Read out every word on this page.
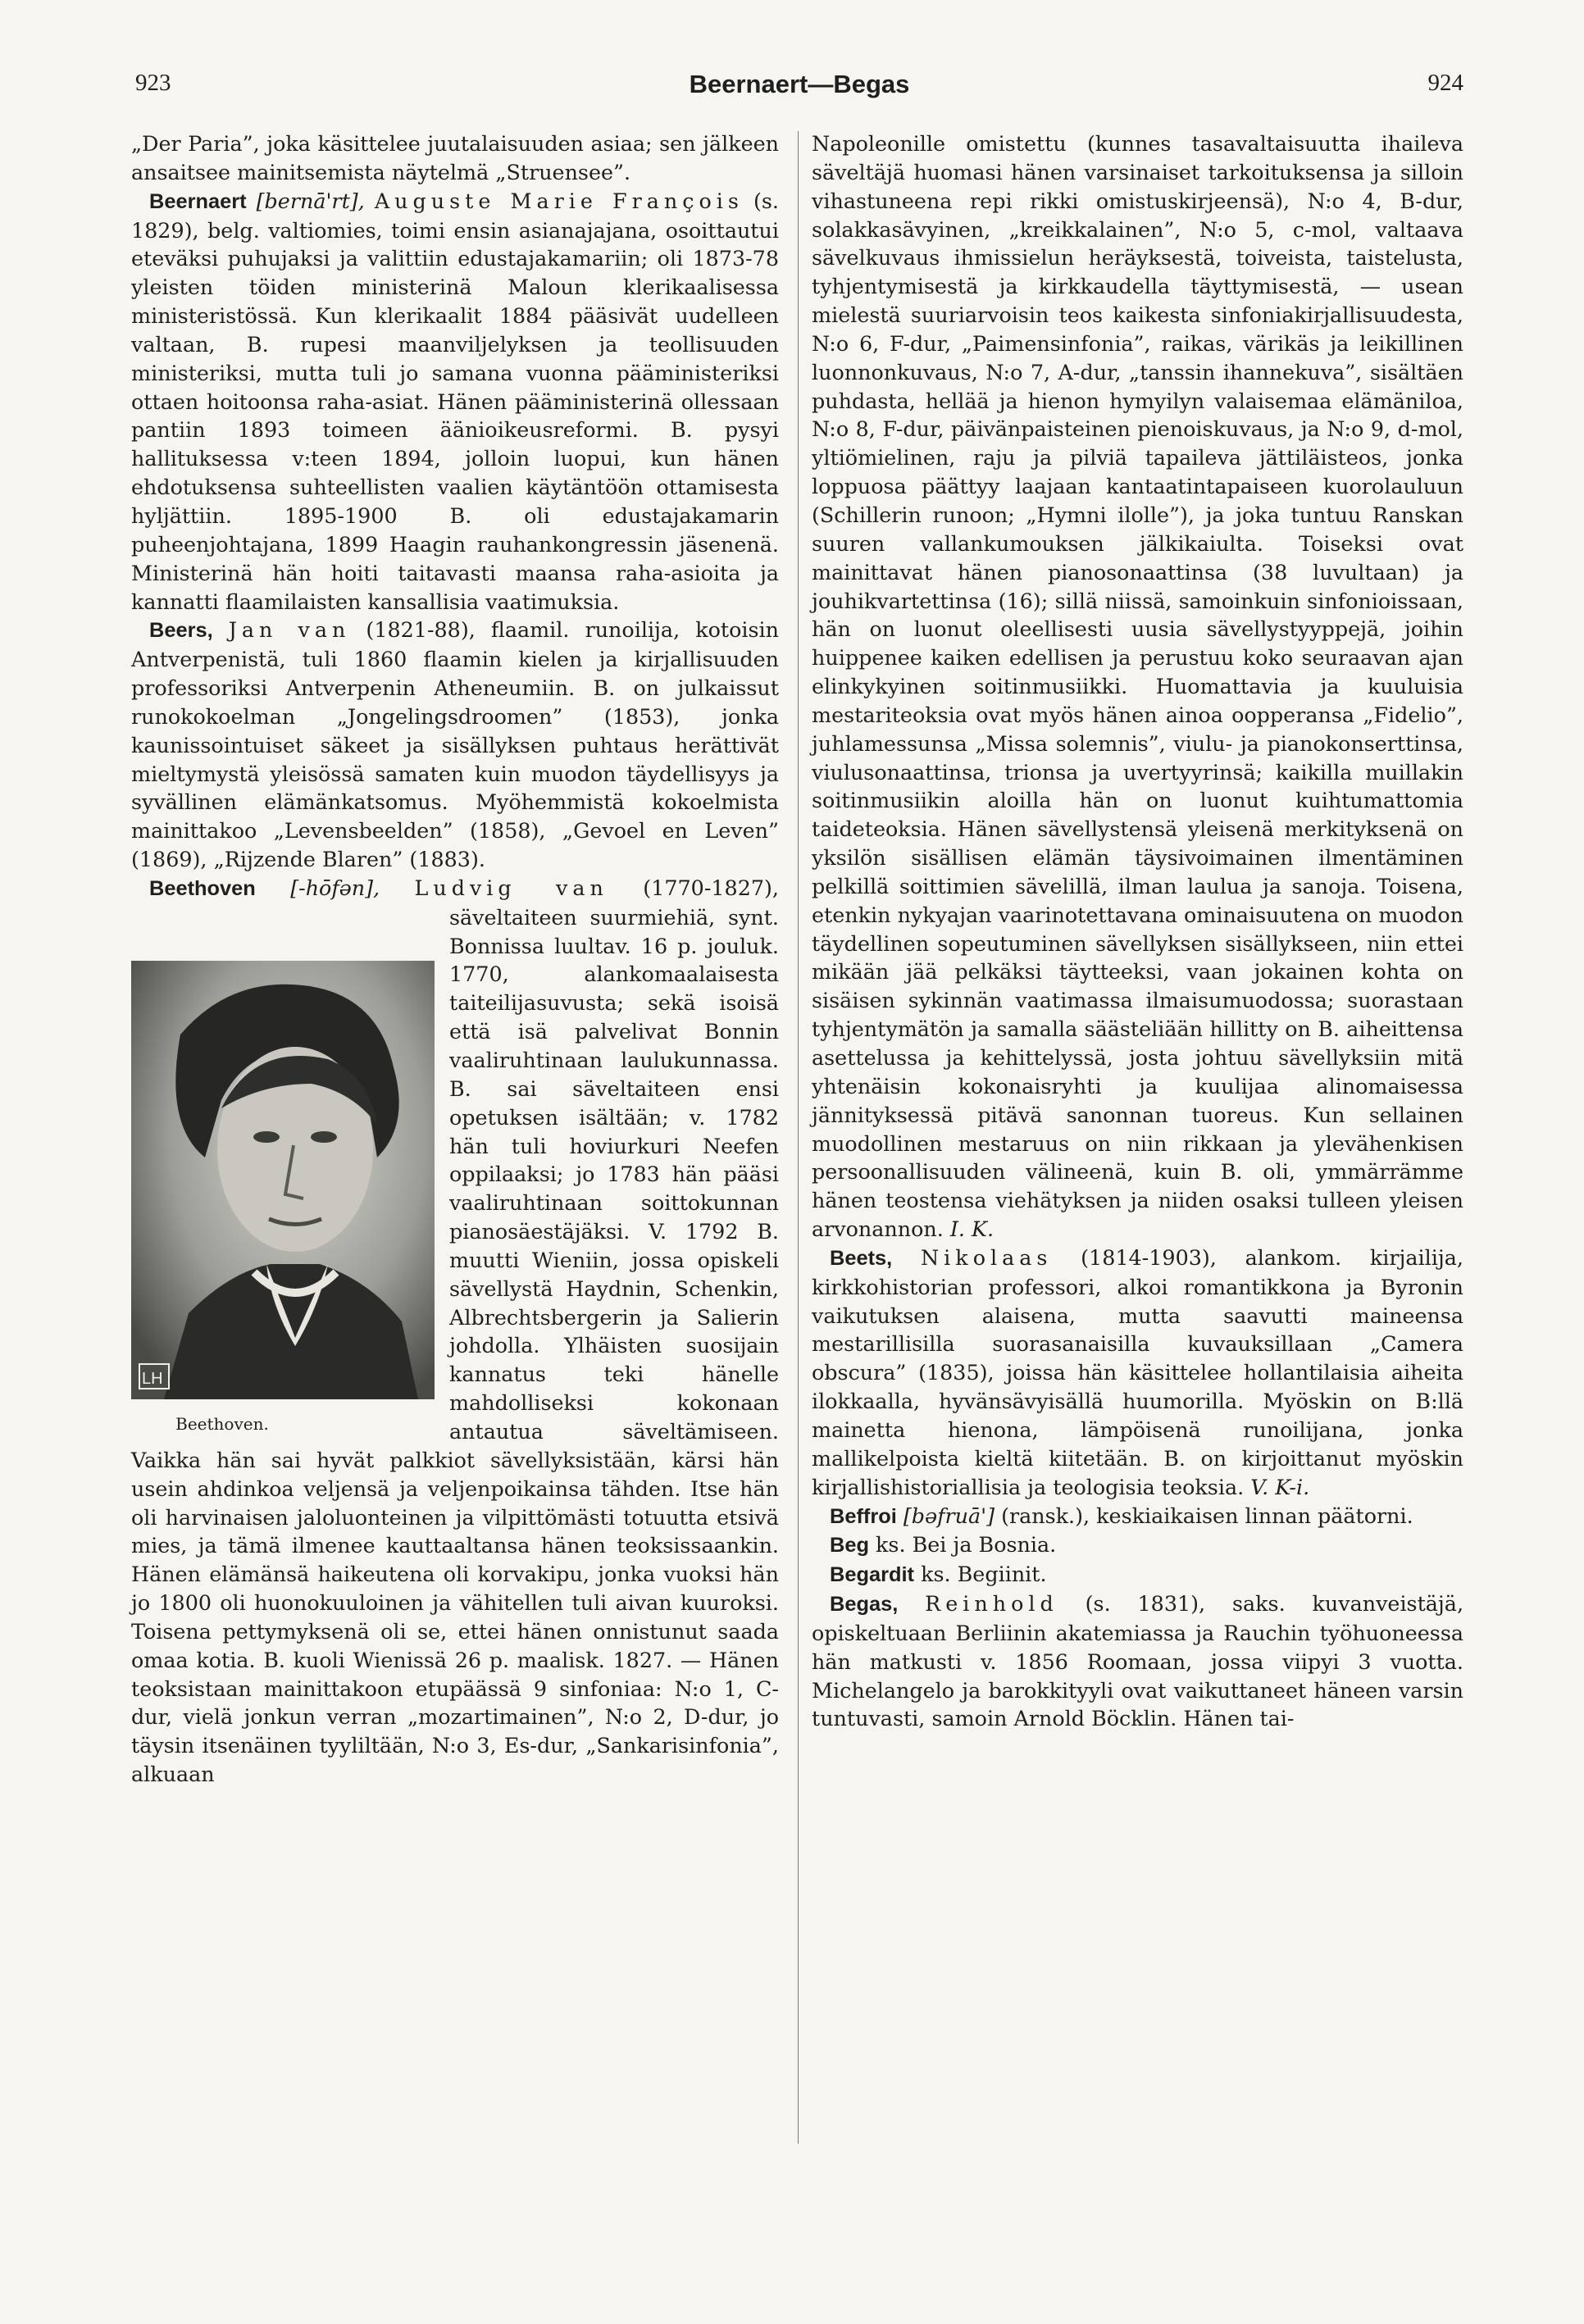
923	Beernaert—Begas	924

„Der Paria”, joka käsittelee juutalaisuuden asiaa; sen jälkeen ansaitsee mainitsemista näytelmä „Struensee”.

Beernaert [bernā'rt], Auguste Marie François (s. 1829), belg. valtiomies, toimi ensin asianajajana, osoittautui eteväksi puhujaksi ja valittiin edustajakamariin; oli 1873-78 yleisten töiden ministerinä Maloun klerikaalisessa ministeristössä. Kun klerikaalit 1884 pääsivät uudelleen valtaan, B. rupesi maanviljelyksen ja teollisuuden ministeriksi, mutta tuli jo samana vuonna pääministeriksi ottaen hoitoonsa raha-asiat. Hänen pääministerinä ollessaan pantiin 1893 toimeen äänioikeusreformi. B. pysyi hallituksessa v:teen 1894, jolloin luopui, kun hänen ehdotuksensa suhteellisten vaalien käytäntöön ottamisesta hyljättiin. 1895-1900 B. oli edustajakamarin puheenjohtajana, 1899 Haagin rauhankongressin jäsenenä. Ministerinä hän hoiti taitavasti maansa raha-asioita ja kannatti flaamilaisten kansallisia vaatimuksia.

Beers, Jan van (1821-88), flaamil. runoilija, kotoisin Antverpenistä, tuli 1860 flaamin kielen ja kirjallisuuden professoriksi Antverpenin Atheneumiin. B. on julkaissut runokokoelman „Jongelingsdroomen” (1853), jonka kaunissointuiset säkeet ja sisällyksen puhtaus herättivät mieltymystä yleisössä samaten kuin muodon täydellisyys ja syvällinen elämänkatsomus. Myöhemmistä kokoelmista mainittakoo „Levensbeelden” (1858), „Gevoel en Leven” (1869), „Rijzende Blaren” (1883).

Beethoven [-hōfən], Ludvig van
LH
Beethoven.
(1770-1827), säveltaiteen suurmiehiä, synt. Bonnissa luultav. 16 p. jouluk. 1770, alankomaalaisesta taiteilijasuvusta; sekä isoisä että isä palvelivat Bonnin vaaliruhtinaan laulukunnassa. B. sai säveltaiteen ensi opetuksen isältään; v. 1782 hän tuli hoviurkuri Neefen oppilaaksi; jo 1783 hän pääsi vaaliruhtinaan soittokunnan pianosäestäjäksi. V. 1792 B. muutti Wieniin, jossa opiskeli sävellystä Haydnin, Schenkin, Albrechtsbergerin ja Salierin johdolla. Ylhäisten suosijain kannatus teki hänelle mahdolliseksi kokonaan antautua säveltämiseen. Vaikka hän sai hyvät palkkiot sävellyksistään, kärsi hän usein ahdinkoa veljensä ja veljenpoikainsa tähden. Itse hän oli harvinaisen jaloluonteinen ja vilpittömästi totuutta etsivä mies, ja tämä ilmenee kauttaaltansa hänen teoksissaankin. Hänen elämänsä haikeutena oli korvakipu, jonka vuoksi hän jo 1800 oli huonokuuloinen ja vähitellen tuli aivan kuuroksi. Toisena pettymyksenä oli se, ettei hänen onnistunut saada omaa kotia. B. kuoli Wienissä 26 p. maalisk. 1827. — Hänen teoksistaan mainittakoon etupäässä 9 sinfoniaa: N:o 1, C-dur, vielä jonkun verran „mozartimainen”, N:o 2, D-dur, jo täysin itsenäinen tyyliltään, N:o 3, Es-dur, „Sankarisinfonia”, alkuaan

Napoleonille omistettu (kunnes tasavaltaisuutta ihaileva säveltäjä huomasi hänen varsinaiset tarkoituksensa ja silloin vihastuneena repi rikki omistuskirjeensä), N:o 4, B-dur, solakkasävyinen, „kreikkalainen”, N:o 5, c-mol, valtaava sävelkuvaus ihmissielun heräyksestä, toiveista, taistelusta, tyhjentymisestä ja kirkkaudella täyttymisestä, — usean mielestä suuriarvoisin teos kaikesta sinfoniakirjallisuudesta, N:o 6, F-dur, „Paimensinfonia”, raikas, värikäs ja leikillinen luonnonkuvaus, N:o 7, A-dur, „tanssin ihannekuva”, sisältäen puhdasta, hellää ja hienon hymyilyn valaisemaa elämäniloa, N:o 8, F-dur, päivänpaisteinen pienoiskuvaus, ja N:o 9, d-mol, yltiömielinen, raju ja pilviä tapaileva jättiläisteos, jonka loppuosa päättyy laajaan kantaatintapaiseen kuorolauluun (Schillerin runoon; „Hymni ilolle”), ja joka tuntuu Ranskan suuren vallankumouksen jälkikaiulta. Toiseksi ovat mainittavat hänen pianosonaattinsa (38 luvultaan) ja jouhikvartettinsa (16); sillä niissä, samoinkuin sinfonioissaan, hän on luonut oleellisesti uusia sävellystyyppejä, joihin huippenee kaiken edellisen ja perustuu koko seuraavan ajan elinkykyinen soitinmusiikki. Huomattavia ja kuuluisia mestariteoksia ovat myös hänen ainoa oopperansa „Fidelio”, juhlamessunsa „Missa solemnis”, viulu- ja pianokonserttinsa, viulusonaattinsa, trionsa ja uvertyyrinsä; kaikilla muillakin soitinmusiikin aloilla hän on luonut kuihtumattomia taideteoksia. Hänen sävellystensä yleisenä merkityksenä on yksilön sisällisen elämän täysivoimainen ilmentäminen pelkillä soittimien sävelillä, ilman laulua ja sanoja. Toisena, etenkin nykyajan vaarinotettavana ominaisuutena on muodon täydellinen sopeutuminen sävellyksen sisällykseen, niin ettei mikään jää pelkäksi täytteeksi, vaan jokainen kohta on sisäisen sykinnän vaatimassa ilmaisumuodossa; suorastaan tyhjentymätön ja samalla säästeliään hillitty on B. aiheittensa asettelussa ja kehittelyssä, josta johtuu sävellyksiin mitä yhtenäisin kokonaisryhti ja kuulijaa alinomaisessa jännityksessä pitävä sanonnan tuoreus. Kun sellainen muodollinen mestaruus on niin rikkaan ja ylevähenkisen persoonallisuuden välineenä, kuin B. oli, ymmärrämme hänen teostensa viehätyksen ja niiden osaksi tulleen yleisen arvonannon. I. K.

Beets, Nikolaas (1814-1903), alankom. kirjailija, kirkkohistorian professori, alkoi romantikkona ja Byronin vaikutuksen alaisena, mutta saavutti maineensa mestarillisilla suorasanaisilla kuvauksillaan „Camera obscura” (1835), joissa hän käsittelee hollantilaisia aiheita ilokkaalla, hyvänsävyisällä huumorilla. Myöskin on B:llä mainetta hienona, lämpöisenä runoilijana, jonka mallikelpoista kieltä kiitetään. B. on kirjoittanut myöskin kirjallishistoriallisia ja teologisia teoksia. V. K-i.

Beffroi [bəfruā'] (ransk.), keskiaikaisen linnan päätorni.

Beg ks. Bei ja Bosnia.

Begardit ks. Begiinit.

Begas, Reinhold (s. 1831), saks. kuvanveistäjä, opiskeltuaan Berliinin akatemiassa ja Rauchin työhuoneessa hän matkusti v. 1856 Roomaan, jossa viipyi 3 vuotta. Michelangelo ja barokkityyli ovat vaikuttaneet häneen varsin tuntuvasti, samoin Arnold Böcklin. Hänen tai-
